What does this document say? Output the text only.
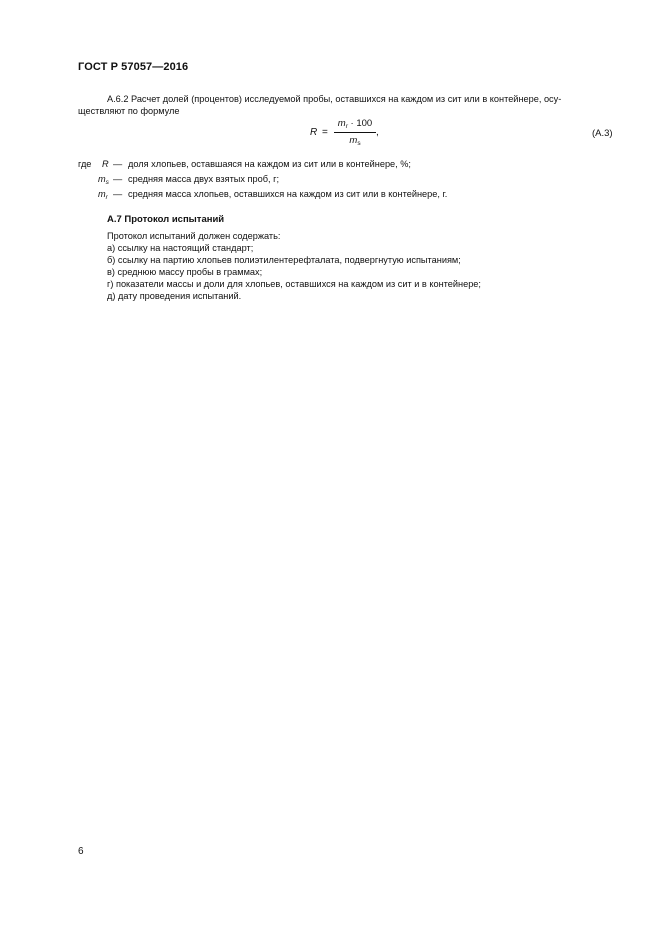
ГОСТ Р 57057—2016
А.6.2 Расчет долей (процентов) исследуемой пробы, оставшихся на каждом из сит или в контейнере, осу-
ществляют по формуле
R =
$m_r \cdot 100$
$m_s$
,	(А.3)
где R — доля хлопьев, оставшаяся на каждом из сит или в контейнере, %;
$m_s$ — средняя масса двух взятых проб, г;
$m_r$ — средняя масса хлопьев, оставшихся на каждом из сит или в контейнере, г.
А.7 Протокол испытаний
Протокол испытаний должен содержать:
а) ссылку на настоящий стандарт;
б) ссылку на партию хлопьев полиэтилентерефталата, подвергнутую испытаниям;
в) среднюю массу пробы в граммах;
г) показатели массы и доли для хлопьев, оставшихся на каждом из сит и в контейнере;
д) дату проведения испытаний.
6
